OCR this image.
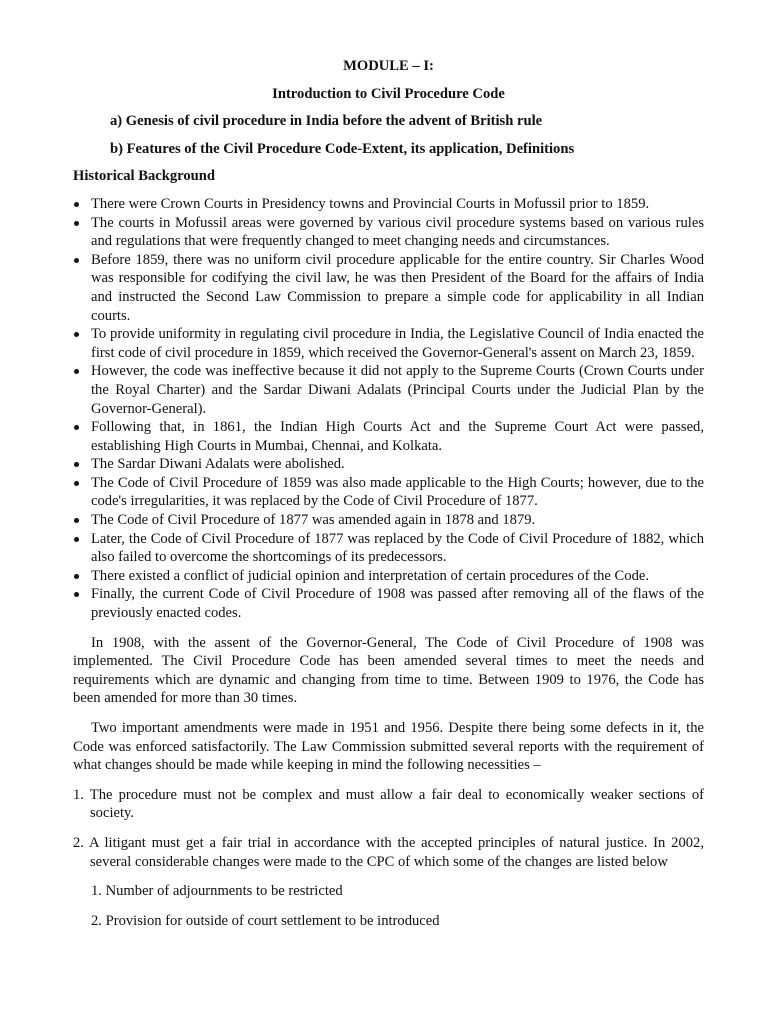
MODULE – I:
Introduction to Civil Procedure Code
a) Genesis of civil procedure in India before the advent of British rule
b) Features of the Civil Procedure Code-Extent, its application, Definitions
Historical Background
There were Crown Courts in Presidency towns and Provincial Courts in Mofussil prior to 1859.
The courts in Mofussil areas were governed by various civil procedure systems based on various rules and regulations that were frequently changed to meet changing needs and circumstances.
Before 1859, there was no uniform civil procedure applicable for the entire country. Sir Charles Wood was responsible for codifying the civil law, he was then President of the Board for the affairs of India and instructed the Second Law Commission to prepare a simple code for applicability in all Indian courts.
To provide uniformity in regulating civil procedure in India, the Legislative Council of India enacted the first code of civil procedure in 1859, which received the Governor-General's assent on March 23, 1859.
However, the code was ineffective because it did not apply to the Supreme Courts (Crown Courts under the Royal Charter) and the Sardar Diwani Adalats (Principal Courts under the Judicial Plan by the Governor-General).
Following that, in 1861, the Indian High Courts Act and the Supreme Court Act were passed, establishing High Courts in Mumbai, Chennai, and Kolkata.
The Sardar Diwani Adalats were abolished.
The Code of Civil Procedure of 1859 was also made applicable to the High Courts; however, due to the code's irregularities, it was replaced by the Code of Civil Procedure of 1877.
The Code of Civil Procedure of 1877 was amended again in 1878 and 1879.
Later, the Code of Civil Procedure of 1877 was replaced by the Code of Civil Procedure of 1882, which also failed to overcome the shortcomings of its predecessors.
There existed a conflict of judicial opinion and interpretation of certain procedures of the Code.
Finally, the current Code of Civil Procedure of 1908 was passed after removing all of the flaws of the previously enacted codes.

In 1908, with the assent of the Governor-General, The Code of Civil Procedure of 1908 was implemented. The Civil Procedure Code has been amended several times to meet the needs and requirements which are dynamic and changing from time to time. Between 1909 to 1976, the Code has been amended for more than 30 times.

Two important amendments were made in 1951 and 1956. Despite there being some defects in it, the Code was enforced satisfactorily. The Law Commission submitted several reports with the requirement of what changes should be made while keeping in mind the following necessities –

1. The procedure must not be complex and must allow a fair deal to economically weaker sections of society.
2. A litigant must get a fair trial in accordance with the accepted principles of natural justice. In 2002, several considerable changes were made to the CPC of which some of the changes are listed below
1. Number of adjournments to be restricted
2. Provision for outside of court settlement to be introduced
